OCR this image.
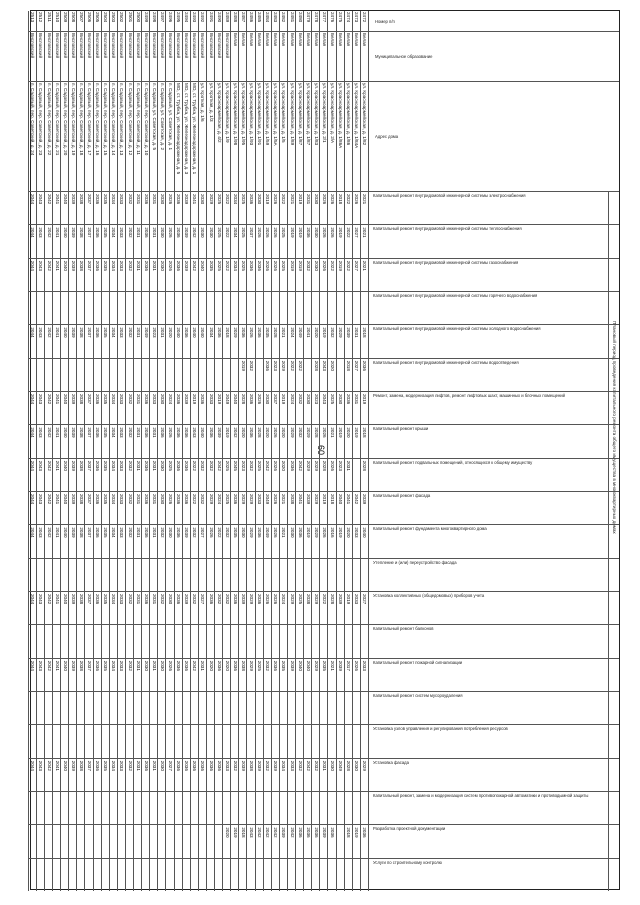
60	Плановый период проведения капитального ремонта общего имущества в многоквартирных домах
Номер п/п
Муниципальное образование
Адрес дома
Капитальный ремонт внутридомовой инженерной системы электроснабжения
Капитальный ремонт внутридомовой инженерной системы теплоснабжения
Капитальный ремонт внутридомовой инженерной системы газоснабжения
Капитальный ремонт внутридомовой инженерной системы горячего водоснабжения
Капитальный ремонт внутридомовой инженерной системы холодного водоснабжения
Капитальный ремонт внутридомовой инженерной системы водоотведения
Ремонт, замена, модернизация лифтов, ремонт лифтовых шахт, машинных и блочных помещений
Капитальный ремонт крыши
Капитальный ремонт подвальных помещений, относящихся к общему имуществу
Капитальный ремонт фасада
Капитальный ремонт фундамента многоквартирного дома
Утепление и (или) переустройство фасада
Установка коллективных (общедомовых) приборов учета
Капитальный ремонт балконов
Капитальный ремонт пожарной сигнализации
Капитальный ремонт систем мусороудаления
Установка узлов управления и регулирования потребления ресурсов
Установка фасада
Капитальный ремонт, замена и модернизация систем противопожарной автоматики и противодымной защиты
Разработка проектной документации
Услуги по строительному контролю
2472
Белая
ул. Красноармейская, д. 1/82
2021
2021
2021
2018
2036
2019
2018
2028
2039
2040
2027
2033
2029
2036
2473
Белая
ул. Красноармейская, д. 1/84А
2026
2027
2027
2031
2027
2031
2019
2042
2033
2033
2026
2030
2019
2474
Белая
ул. Красноармейская, д. 1/86
2022
2022
2022
2039
2018
2036
2020
2031
2041
2020
2019
2017
2028
2018
2475
Белая
ул. Красноармейская, д. 1/86А
2018
2019
2019
2029
2030
2019
2023
2040
2019
2039
2039
2049
2476
Белая
ул. Красноармейская, д. 2/А
2026
2026
2022
2032
2020
2025
2021
2026
2018
2016
2028
2021
2030
2036
2477
Белая
ул. Красноармейская, д. 2/1
2026
2026
2026
2019
2043
2043
2026
2028
2019
2026
2022
2035
2031
2039
2478
Белая
ул. Красноармейская, д. 1/83
2030
2030
2030
2020
2028
2023
2028
2029
2029
2029
2029
2029
2032
2036
2479
Белая
ул. Красноармейская, д. 1/87
2031
2036
2032
2041
2030
2029
2029
2039
2019
2038
2040
2042
2036
2480
Белая
ул. Красноармейская, д. 1/87
2019
2019
2019
2049
2022
2032
2032
2042
2041
2036
2025
2040
2032
2036
2481
Белая
ул. Красноармейская, д. 1/89
2021
2019
2019
2024
2022
2024
2029
2036
2038
2030
2029
2039
2033
2042
2482
Белая
ул. Красноармейская, д. 1/5
2022
2025
2025
2021
2029
2019
2020
2020
2021
2021
2024
2035
2034
2039
2483
Белая
ул. Красноармейская, д. 1/5А
2026
2026
2026
2028
2023
2037
2026
2026
2026
2026
2026
2036
2039
2042
2484
Белая
ул. Красноармейская, д. 1/59
2019
2026
2026
2035
2036
2030
2020
2042
2049
2049
2026
2032
2032
2042
2485
Белая
ул. Красноармейская, д. 1/91
2030
2026
2036
2036
2026
2028
2025
2033
2036
2036
2025
2039
2042
2486
Белая
ул. Красноармейская, д. 1/93
2036
2037
2036
2026
2032
2036
2036
2032
2029
2029
2029
2029
2038
2043
2487
Белая
ул. Красноармейская, д. 1/95
2025
2025
2025
2036
2019
2028
2020
2023
2029
2030
2039
2038
2039
2018
2488
Белая
ул. Красноармейская, д. 1/98
2034
2034
2034
2029
2040
2042
2045
2036
2035
2036
2036
2032
2019
2489
Висловский
ул. Красноармейская, д. 1/9
2022
2022
2022
2018
2049
2019
2025
2025
2032
2032
2020
2033
2020
2490
Висловский
ул. Красноармейская, д. 4/2
2025
2025
2025
2036
2019
2039
2042
2024
2022
2032
2036
2036
2491
Висловский
ул. Кроткая, д. 1/3
2029
2030
2035
2034
2033
2036
2032
2029
2026
2036
2020
2036
2492
Висловский
ул. Кроткая, д. 1/6
2030
2030
2040
2040
2036
2040
2032
2032
2027
2027
2031
2036
2493
Висловский
МО, ст. Трубка, ул. Железнодорожная, д. 1
2041
2042
2042
2040
2019
2043
2022
2022
2032
2032
2042
2036
2494
Висловский
МО, ст. Трубка, ул. Железнодорожная, д. 3
2039
2039
2039
2036
2039
2036
2036
2036
2039
2039
2036
2036
2495
Висловский
МО, ст. Трубка, ул. Железнодорожная, д. 5
2036
2036
2036
2040
2036
2036
2036
2036
2036
2036
2036
2036
2496
Висловский
п. Садовый, ул. Советская, д. 1
2026
2026
2026
2020
2024
2026
2025
2026
2030
2030
2026
2027
2497
Висловский
п. Садовый, ул. Советская, д. 2
2030
2030
2030
2031
2030
2036
2030
2030
2032
2032
2030
2030
2498
Висловский
п. Садовый, ул. Советская, д. 5
2031
2031
2031
2023
2033
2031
2031
2031
2031
2031
2031
2031
2499
Висловский
п. Садовый, пер. Советский, д. 10
2036
2036
2036
2049
2036
2036
2036
2036
2036
2036
2030
2036
2500
Висловский
п. Садовый, пер. Советский, д. 11
2031
2031
2031
2031
2031
2031
2031
2031
2031
2031
2031
2031
2501
Висловский
п. Садовый, пер. Советский, д. 12
2032
2032
2032
2032
2032
2032
2032
2032
2032
2032
2032
2032
2502
Висловский
п. Садовый, пер. Советский, д. 13
2033
2033
2033
2033
2033
2033
2033
2033
2033
2033
2033
2033
2503
Висловский
п. Садовый, пер. Советский, д. 14
2034
2034
2034
2034
2034
2034
2034
2034
2034
2034
2034
2034
2504
Висловский
п. Садовый, пер. Советский, д. 15
2035
2035
2035
2035
2035
2035
2035
2035
2035
2035
2035
2035
2505
Висловский
п. Садовый, пер. Советский, д. 16
2036
2036
2036
2036
2036
2036
2036
2036
2036
2036
2036
2036
2506
Висловский
п. Садовый, пер. Советский, д. 17
2037
2037
2037
2037
2037
2037
2037
2037
2037
2037
2037
2037
2507
Висловский
п. Садовый, пер. Советский, д. 18
2038
2038
2038
2038
2038
2038
2038
2038
2038
2038
2038
2038
2508
Висловский
п. Садовый, пер. Советский, д. 19
2039
2039
2039
2039
2039
2039
2039
2039
2039
2039
2039
2039
2509
Висловский
п. Садовый, пер. Советский, д. 20
2040
2040
2040
2040
2040
2040
2040
2040
2040
2040
2040
2040
2510
Висловский
п. Садовый, пер. Советский, д. 21
2041
2041
2041
2041
2041
2041
2041
2041
2041
2041
2041
2041
2511
Висловский
п. Садовый, пер. Советский, д. 22
2042
2042
2042
2042
2042
2042
2042
2042
2042
2042
2042
2042
2512
Висловский
п. Садовый, пер. Советский, д. 23
2043
2043
2043
2043
2043
2043
2043
2043
2043
2043
2043
2043
2513
Висловский
п. Садовый, пер. Советский, д. 24
2044
2044
2044
2044
2044
2044
2044
2044
2044
2044
2044
2044
